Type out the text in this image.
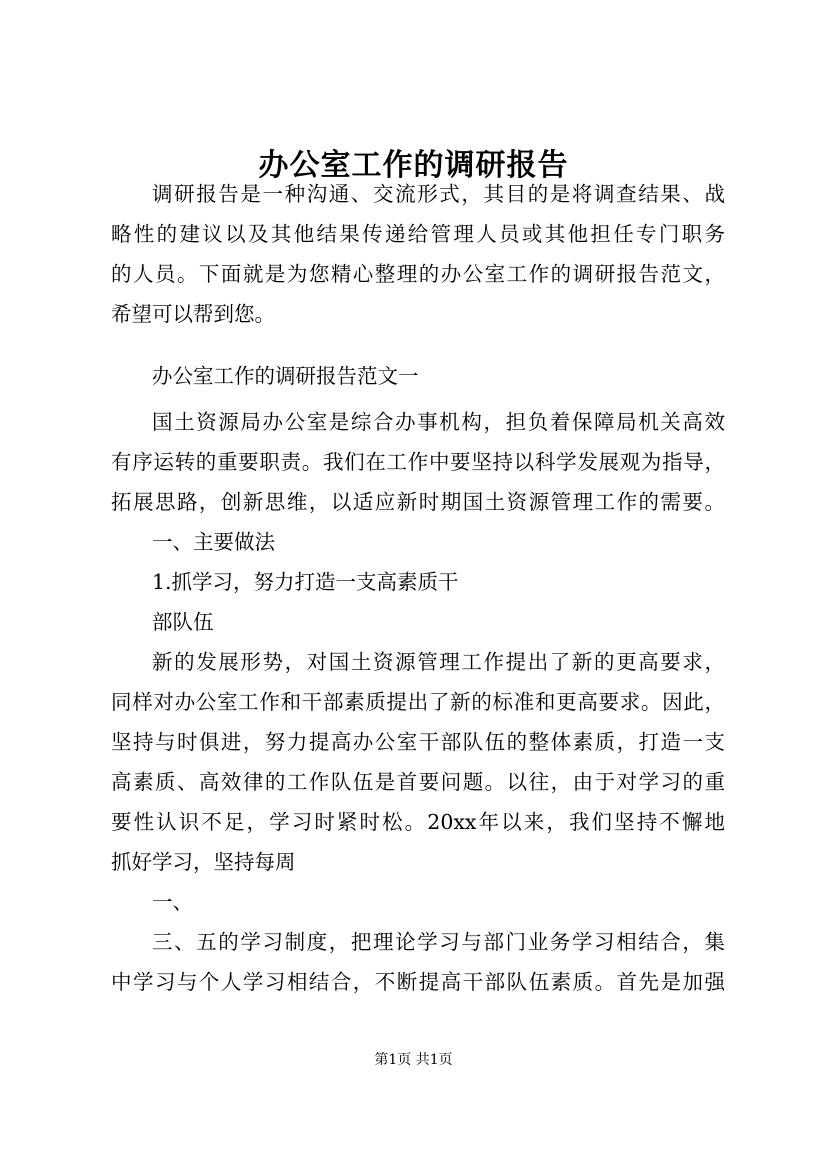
办公室工作的调研报告
调研报告是一种沟通、交流形式，其目的是将调查结果、战
略性的建议以及其他结果传递给管理人员或其他担任专门职务
的人员。下面就是为您精心整理的办公室工作的调研报告范文，
希望可以帮到您。
办公室工作的调研报告范文一
国土资源局办公室是综合办事机构，担负着保障局机关高效
有序运转的重要职责。我们在工作中要坚持以科学发展观为指导，
拓展思路，创新思维，以适应新时期国土资源管理工作的需要。
一、主要做法
1.抓学习，努力打造一支高素质干
部队伍
新的发展形势，对国土资源管理工作提出了新的更高要求，
同样对办公室工作和干部素质提出了新的标准和更高要求。因此，
坚持与时俱进，努力提高办公室干部队伍的整体素质，打造一支
高素质、高效律的工作队伍是首要问题。以往，由于对学习的重
要性认识不足，学习时紧时松。20xx年以来，我们坚持不懈地
抓好学习，坚持每周
一、
三、五的学习制度，把理论学习与部门业务学习相结合，集
中学习与个人学习相结合，不断提高干部队伍素质。首先是加强
第1页 共1页
